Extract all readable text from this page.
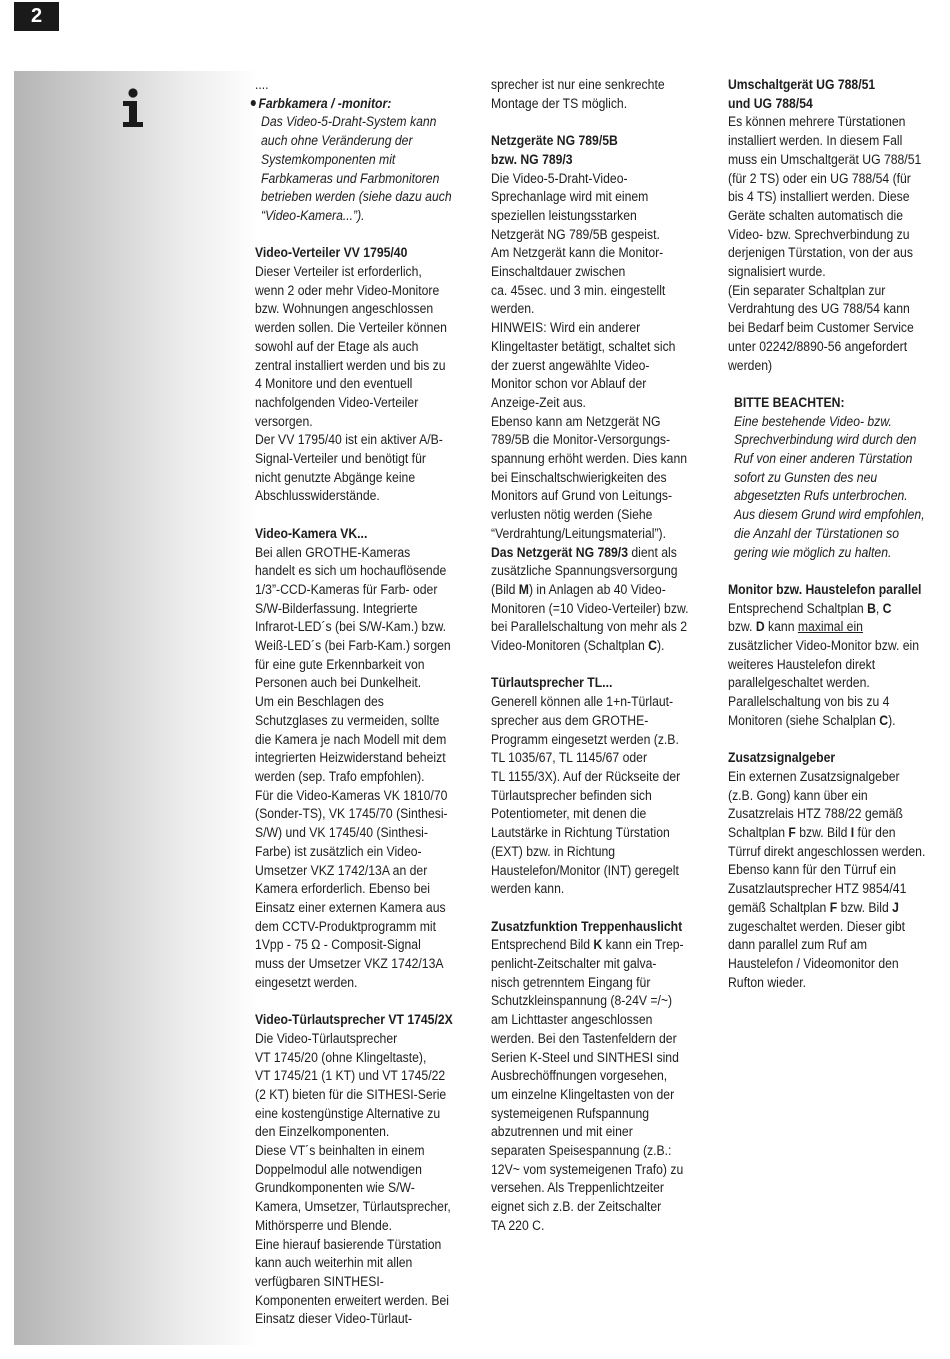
2

....

Farbkamera / -monitor:

Das Video-5-Draht-System kann
auch ohne Veränderung der
Systemkomponenten mit
Farbkameras und Farbmonitoren
betrieben werden (siehe dazu auch
“Video-Kamera...”).

Video-Verteiler VV 1795/40

Dieser Verteiler ist erforderlich,
wenn 2 oder mehr Video-Monitore
bzw. Wohnungen angeschlossen
werden sollen. Die Verteiler können
sowohl auf der Etage als auch
zentral installiert werden und bis zu
4 Monitore und den eventuell
nachfolgenden Video-Verteiler
versorgen.
Der VV 1795/40 ist ein aktiver A/B-
Signal-Verteiler und benötigt für
nicht genutzte Abgänge keine
Abschlusswiderstände.

Video-Kamera VK...

Bei allen GROTHE-Kameras
handelt es sich um hochauflösende
1/3”-CCD-Kameras für Farb- oder
S/W-Bilderfassung. Integrierte
Infrarot-LED´s (bei S/W-Kam.) bzw.
Weiß-LED´s (bei Farb-Kam.) sorgen
für eine gute Erkennbarkeit von
Personen auch bei Dunkelheit.
Um ein Beschlagen des
Schutzglases zu vermeiden, sollte
die Kamera je nach Modell mit dem
integrierten Heizwiderstand beheizt
werden (sep. Trafo empfohlen).
Für die Video-Kameras VK 1810/70
(Sonder-TS), VK 1745/70 (Sinthesi-
S/W) und VK 1745/40 (Sinthesi-
Farbe) ist zusätzlich ein Video-
Umsetzer VKZ 1742/13A an der
Kamera erforderlich. Ebenso bei
Einsatz einer externen Kamera aus
dem CCTV-Produktprogramm mit
1Vpp - 75 Ω - Composit-Signal
muss der Umsetzer VKZ 1742/13A
eingesetzt werden.

Video-Türlautsprecher VT 1745/2X

Die Video-Türlautsprecher
VT 1745/20 (ohne Klingeltaste),
VT 1745/21 (1 KT) und VT 1745/22
(2 KT) bieten für die SITHESI-Serie
eine kostengünstige Alternative zu
den Einzelkomponenten.
Diese VT´s beinhalten in einem
Doppelmodul alle notwendigen
Grundkomponenten wie S/W-
Kamera, Umsetzer, Türlautsprecher,
Mithörsperre und Blende.
Eine hierauf basierende Türstation
kann auch weiterhin mit allen
verfügbaren SINTHESI-
Komponenten erweitert werden. Bei
Einsatz dieser Video-Türlaut-

sprecher ist nur eine senkrechte
Montage der TS möglich.

Netzgeräte NG 789/5B
bzw. NG 789/3

Die Video-5-Draht-Video-
Sprechanlage wird mit einem
speziellen leistungsstarken
Netzgerät NG 789/5B gespeist.
Am Netzgerät kann die Monitor-
Einschaltdauer zwischen
ca. 45sec. und 3 min. eingestellt
werden.
HINWEIS: Wird ein anderer
Klingeltaster betätigt, schaltet sich
der zuerst angewählte Video-
Monitor schon vor Ablauf der
Anzeige-Zeit aus.
Ebenso kann am Netzgerät NG
789/5B die Monitor-Versorgungs-
spannung erhöht werden. Dies kann
bei Einschaltschwierigkeiten des
Monitors auf Grund von Leitungs-
verlusten nötig werden (Siehe
“Verdrahtung/Leitungsmaterial”).

Das Netzgerät NG 789/3 dient als
zusätzliche Spannungsversorgung
(Bild M) in Anlagen ab 40 Video-
Monitoren (=10 Video-Verteiler) bzw.
bei Parallelschaltung von mehr als 2
Video-Monitoren (Schaltplan C).

Türlautsprecher TL...

Generell können alle 1+n-Türlaut-
sprecher aus dem GROTHE-
Programm eingesetzt werden (z.B.
TL 1035/67, TL 1145/67 oder
TL 1155/3X). Auf der Rückseite der
Türlautsprecher befinden sich
Potentiometer, mit denen die
Lautstärke in Richtung Türstation
(EXT) bzw. in Richtung
Haustelefon/Monitor (INT) geregelt
werden kann.

Zusatzfunktion Treppenhauslicht

Entsprechend Bild K kann ein Trep-
penlicht-Zeitschalter mit galva-
nisch getrenntem Eingang für
Schutzkleinspannung (8-24V =/~)
am Lichttaster angeschlossen
werden. Bei den Tastenfeldern der
Serien K-Steel und SINTHESI sind
Ausbrechöffnungen vorgesehen,
um einzelne Klingeltasten von der
systemeigenen Rufspannung
abzutrennen und mit einer
separaten Speisespannung (z.B.:
12V~ vom systemeigenen Trafo) zu
versehen. Als Treppenlichtzeiter
eignet sich z.B. der Zeitschalter
TA 220 C.

Umschaltgerät UG 788/51
und UG 788/54

Es können mehrere Türstationen
installiert werden. In diesem Fall
muss ein Umschaltgerät UG 788/51
(für 2 TS) oder ein UG 788/54 (für
bis 4 TS) installiert werden. Diese
Geräte schalten automatisch die
Video- bzw. Sprechverbindung zu
derjenigen Türstation, von der aus
signalisiert wurde.
(Ein separater Schaltplan zur
Verdrahtung des UG 788/54 kann
bei Bedarf beim Customer Service
unter 02242/8890-56 angefordert
werden)

BITTE BEACHTEN:

Eine bestehende Video- bzw.
Sprechverbindung wird durch den
Ruf von einer anderen Türstation
sofort zu Gunsten des neu
abgesetzten Rufs unterbrochen.
Aus diesem Grund wird empfohlen,
die Anzahl der Türstationen so
gering wie möglich zu halten.

Monitor bzw. Haustelefon parallel

Entsprechend Schaltplan B, C
bzw. D kann maximal ein
zusätzlicher Video-Monitor bzw. ein
weiteres Haustelefon direkt
parallelgeschaltet werden.
Parallelschaltung von bis zu 4
Monitoren (siehe Schalplan C).

Zusatzsignalgeber

Ein externen Zusatzsignalgeber
(z.B. Gong) kann über ein
Zusatzrelais HTZ 788/22 gemäß
Schaltplan F bzw. Bild I für den
Türruf direkt angeschlossen werden.
Ebenso kann für den Türruf ein
Zusatzlautsprecher HTZ 9854/41
gemäß Schaltplan F bzw. Bild J
zugeschaltet werden. Dieser gibt
dann parallel zum Ruf am
Haustelefon / Videomonitor den
Rufton wieder.
